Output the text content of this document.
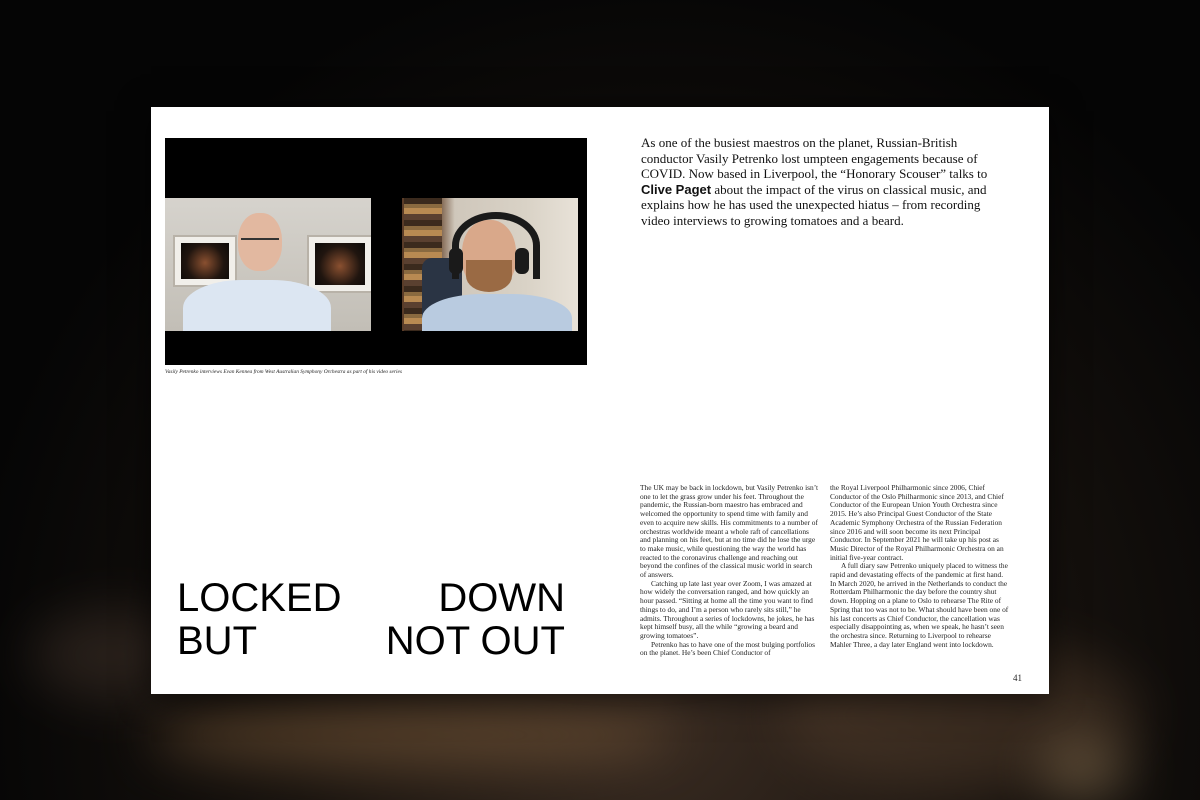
Vasily Petrenko interviews Evan Kennea from West Australian Symphony Orchestra as part of his video series

As one of the busiest maestros on the planet, Russian-British conductor Vasily Petrenko lost umpteen engagements because of COVID. Now based in Liverpool, the “Honorary Scouser” talks to Clive Paget about the impact of the virus on classical music, and explains how he has used the unexpected hiatus – from recording video interviews to growing tomatoes and a beard.

LOCKED DOWN
BUT	NOT OUT

The UK may be back in lockdown, but Vasily Petrenko isn’t one to let the grass grow under his feet. Throughout the pandemic, the Russian-born maestro has embraced and welcomed the opportunity to spend time with family and even to acquire new skills. His commitments to a number of orchestras worldwide meant a whole raft of cancellations and planning on his feet, but at no time did he lose the urge to make music, while questioning the way the world has reacted to the coronavirus challenge and reaching out beyond the confines of the classical music world in search of answers.

Catching up late last year over Zoom, I was amazed at how widely the conversation ranged, and how quickly an hour passed. “Sitting at home all the time you want to find things to do, and I’m a person who rarely sits still,” he admits. Throughout a series of lockdowns, he jokes, he has kept himself busy, all the while “growing a beard and growing tomatoes”.

Petrenko has to have one of the most bulging portfolios on the planet. He’s been Chief Conductor of

the Royal Liverpool Philharmonic since 2006, Chief Conductor of the Oslo Philharmonic since 2013, and Chief Conductor of the European Union Youth Orchestra since 2015. He’s also Principal Guest Conductor of the State Academic Symphony Orchestra of the Russian Federation since 2016 and will soon become its next Principal Conductor. In September 2021 he will take up his post as Music Director of the Royal Philharmonic Orchestra on an initial five-year contract.

A full diary saw Petrenko uniquely placed to witness the rapid and devastating effects of the pandemic at first hand. In March 2020, he arrived in the Netherlands to conduct the Rotterdam Philharmonic the day before the country shut down. Hopping on a plane to Oslo to rehearse The Rite of Spring that too was not to be. What should have been one of his last concerts as Chief Conductor, the cancellation was especially disappointing as, when we speak, he hasn’t seen the orchestra since. Returning to Liverpool to rehearse Mahler Three, a day later England went into lockdown.

41
